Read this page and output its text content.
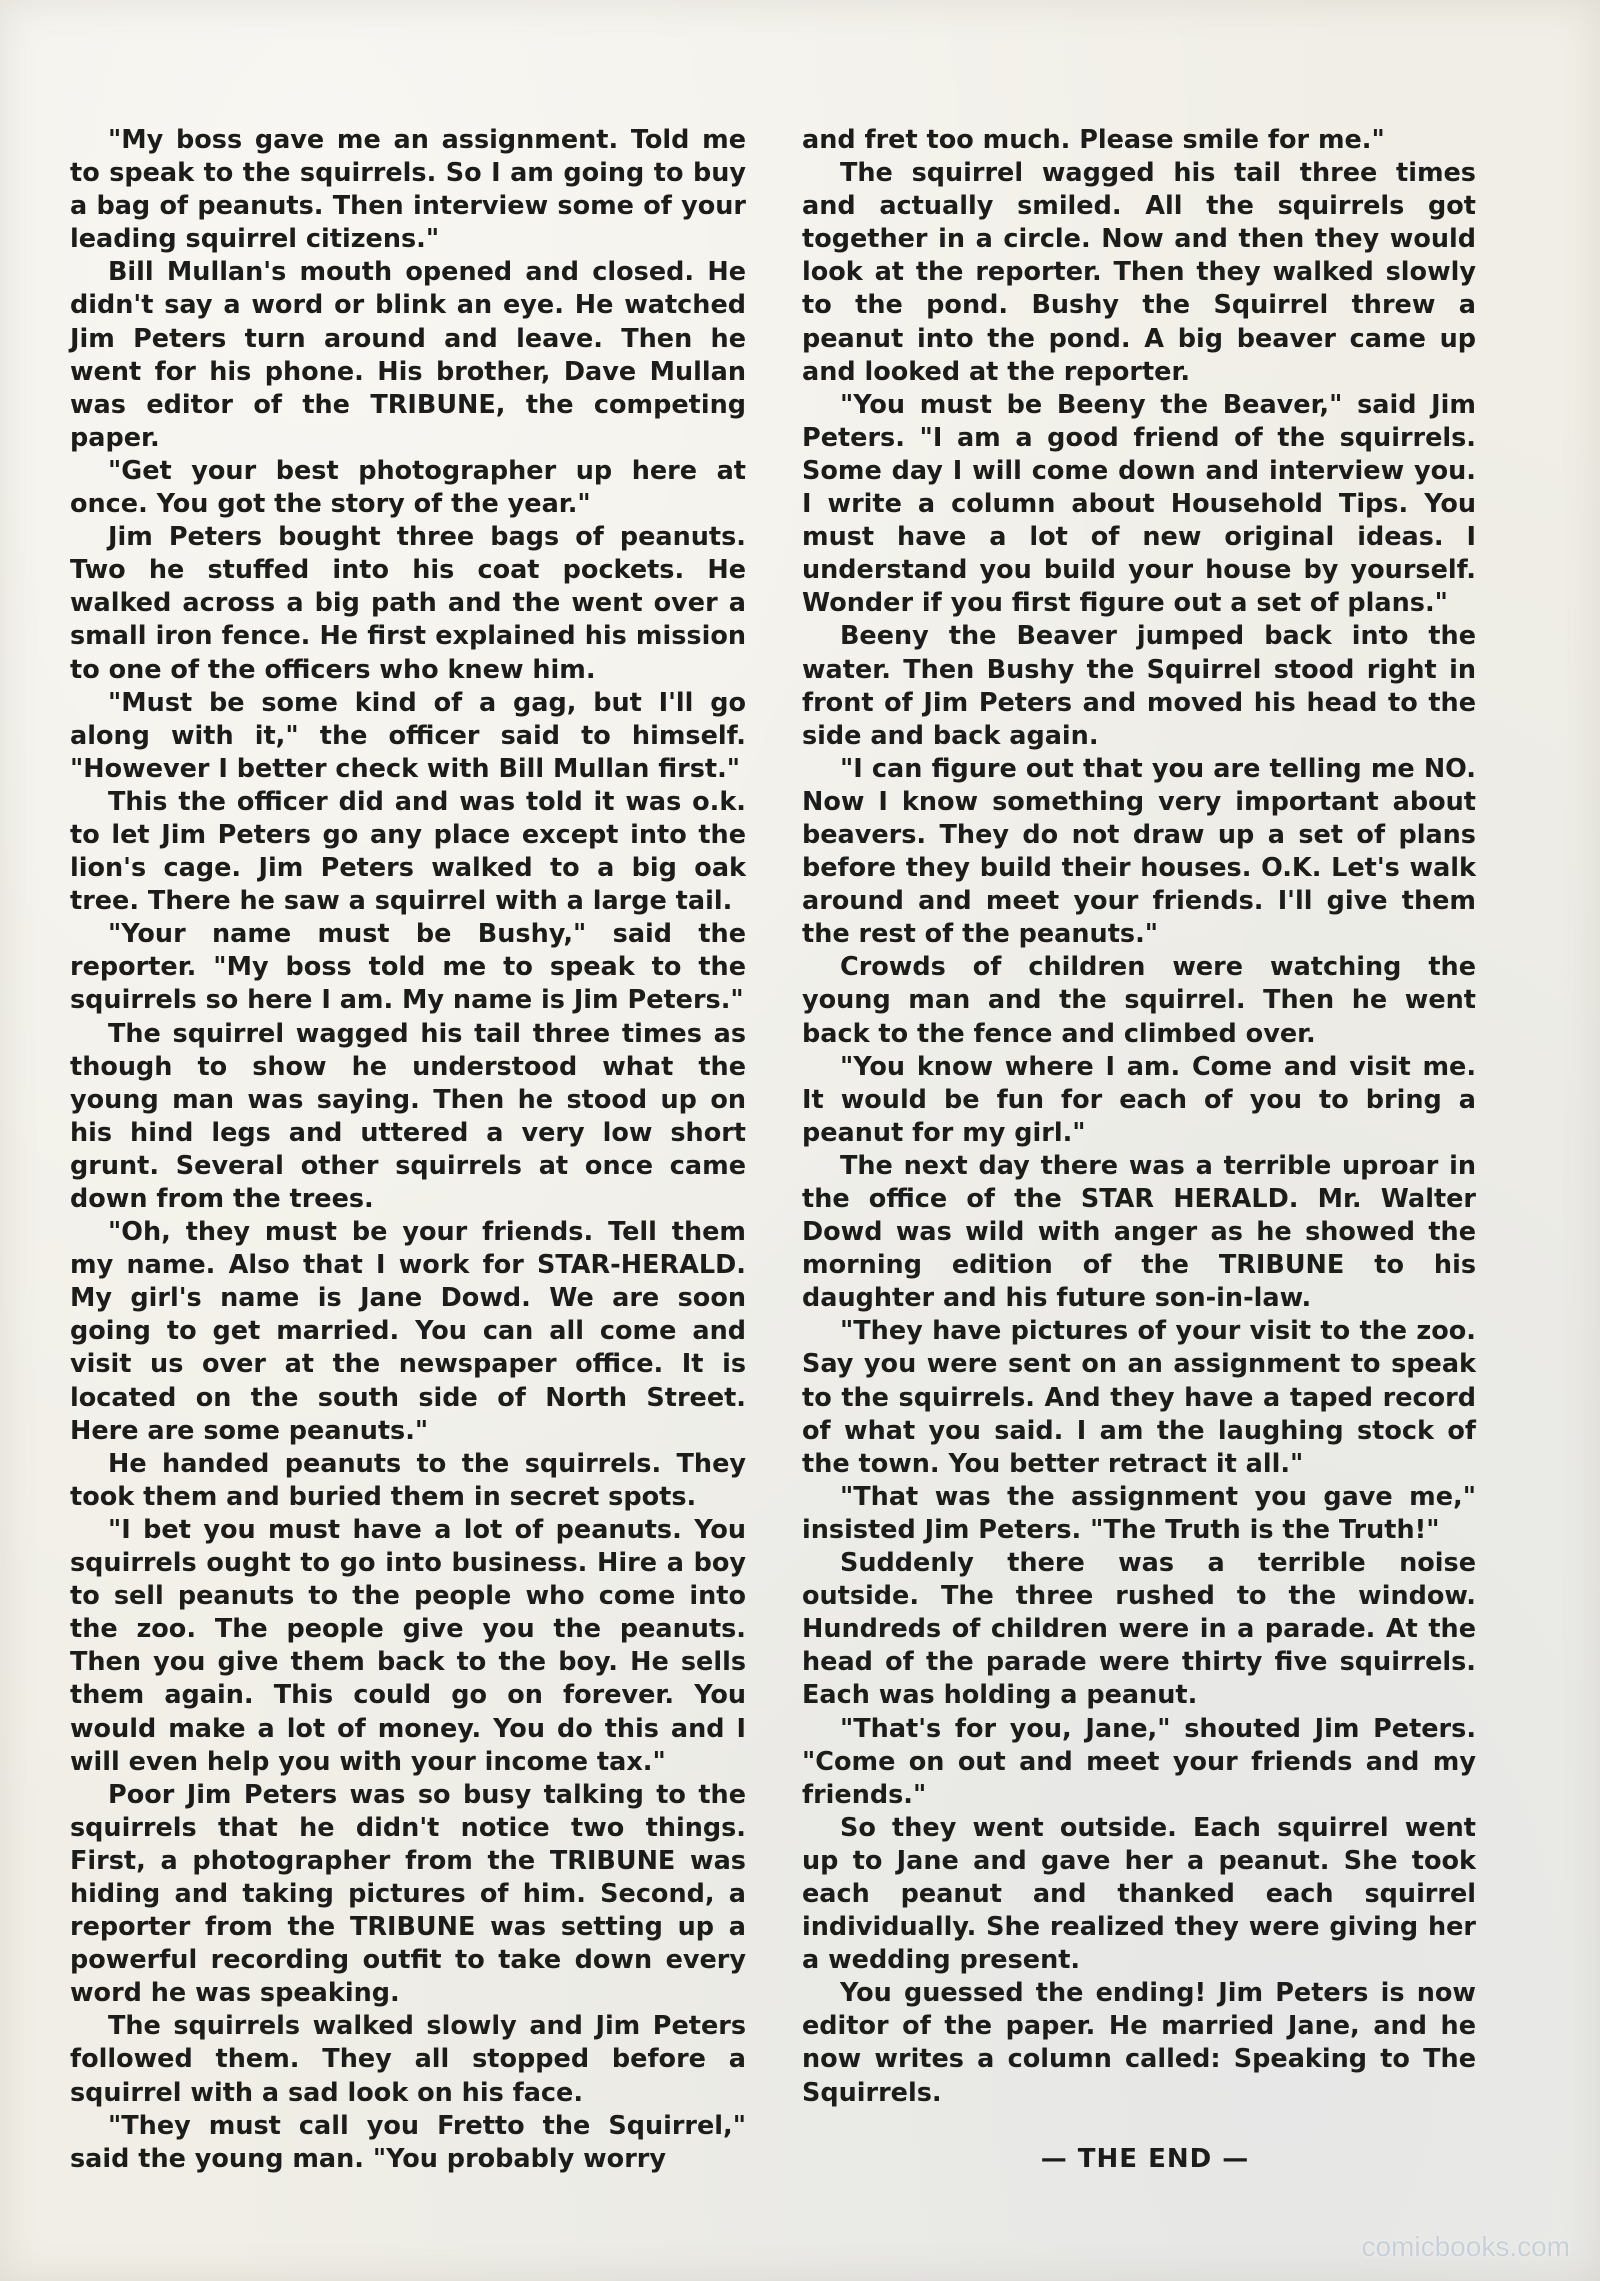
"My boss gave me an assignment. Told me to speak to the squirrels. So I am going to buy a bag of peanuts. Then interview some of your leading squirrel citizens."

Bill Mullan's mouth opened and closed. He didn't say a word or blink an eye. He watched Jim Peters turn around and leave. Then he went for his phone. His brother, Dave Mullan was editor of the TRIBUNE, the competing paper.

"Get your best photographer up here at once. You got the story of the year."

Jim Peters bought three bags of peanuts. Two he stuffed into his coat pockets. He walked across a big path and the went over a small iron fence. He first explained his mission to one of the officers who knew him.

"Must be some kind of a gag, but I'll go along with it," the officer said to himself. "However I better check with Bill Mullan first."

This the officer did and was told it was o.k. to let Jim Peters go any place except into the lion's cage. Jim Peters walked to a big oak tree. There he saw a squirrel with a large tail.

"Your name must be Bushy," said the reporter. "My boss told me to speak to the squirrels so here I am. My name is Jim Peters."

The squirrel wagged his tail three times as though to show he understood what the young man was saying. Then he stood up on his hind legs and uttered a very low short grunt. Several other squirrels at once came down from the trees.

"Oh, they must be your friends. Tell them my name. Also that I work for STAR-HERALD. My girl's name is Jane Dowd. We are soon going to get married. You can all come and visit us over at the newspaper office. It is located on the south side of North Street. Here are some peanuts."

He handed peanuts to the squirrels. They took them and buried them in secret spots.

"I bet you must have a lot of peanuts. You squirrels ought to go into business. Hire a boy to sell peanuts to the people who come into the zoo. The people give you the peanuts. Then you give them back to the boy. He sells them again. This could go on forever. You would make a lot of money. You do this and I will even help you with your income tax."

Poor Jim Peters was so busy talking to the squirrels that he didn't notice two things. First, a photographer from the TRIBUNE was hiding and taking pictures of him. Second, a reporter from the TRIBUNE was setting up a powerful recording outfit to take down every word he was speaking.

The squirrels walked slowly and Jim Peters followed them. They all stopped before a squirrel with a sad look on his face.

"They must call you Fretto the Squirrel," said the young man. "You probably worry

and fret too much. Please smile for me."

The squirrel wagged his tail three times and actually smiled. All the squirrels got together in a circle. Now and then they would look at the reporter. Then they walked slowly to the pond. Bushy the Squirrel threw a peanut into the pond. A big beaver came up and looked at the reporter.

"You must be Beeny the Beaver," said Jim Peters. "I am a good friend of the squirrels. Some day I will come down and interview you. I write a column about Household Tips. You must have a lot of new original ideas. I understand you build your house by yourself. Wonder if you first figure out a set of plans."

Beeny the Beaver jumped back into the water. Then Bushy the Squirrel stood right in front of Jim Peters and moved his head to the side and back again.

"I can figure out that you are telling me NO. Now I know something very important about beavers. They do not draw up a set of plans before they build their houses. O.K. Let's walk around and meet your friends. I'll give them the rest of the peanuts."

Crowds of children were watching the young man and the squirrel. Then he went back to the fence and climbed over.

"You know where I am. Come and visit me. It would be fun for each of you to bring a peanut for my girl."

The next day there was a terrible uproar in the office of the STAR HERALD. Mr. Walter Dowd was wild with anger as he showed the morning edition of the TRIBUNE to his daughter and his future son-in-law.

"They have pictures of your visit to the zoo. Say you were sent on an assignment to speak to the squirrels. And they have a taped record of what you said. I am the laughing stock of the town. You better retract it all."

"That was the assignment you gave me," insisted Jim Peters. "The Truth is the Truth!"

Suddenly there was a terrible noise outside. The three rushed to the window. Hundreds of children were in a parade. At the head of the parade were thirty five squirrels. Each was holding a peanut.

"That's for you, Jane," shouted Jim Peters. "Come on out and meet your friends and my friends."

So they went outside. Each squirrel went up to Jane and gave her a peanut. She took each peanut and thanked each squirrel individually. She realized they were giving her a wedding present.

You guessed the ending! Jim Peters is now editor of the paper. He married Jane, and he now writes a column called: Speaking to The Squirrels.

— THE END —
comicbooks.com
